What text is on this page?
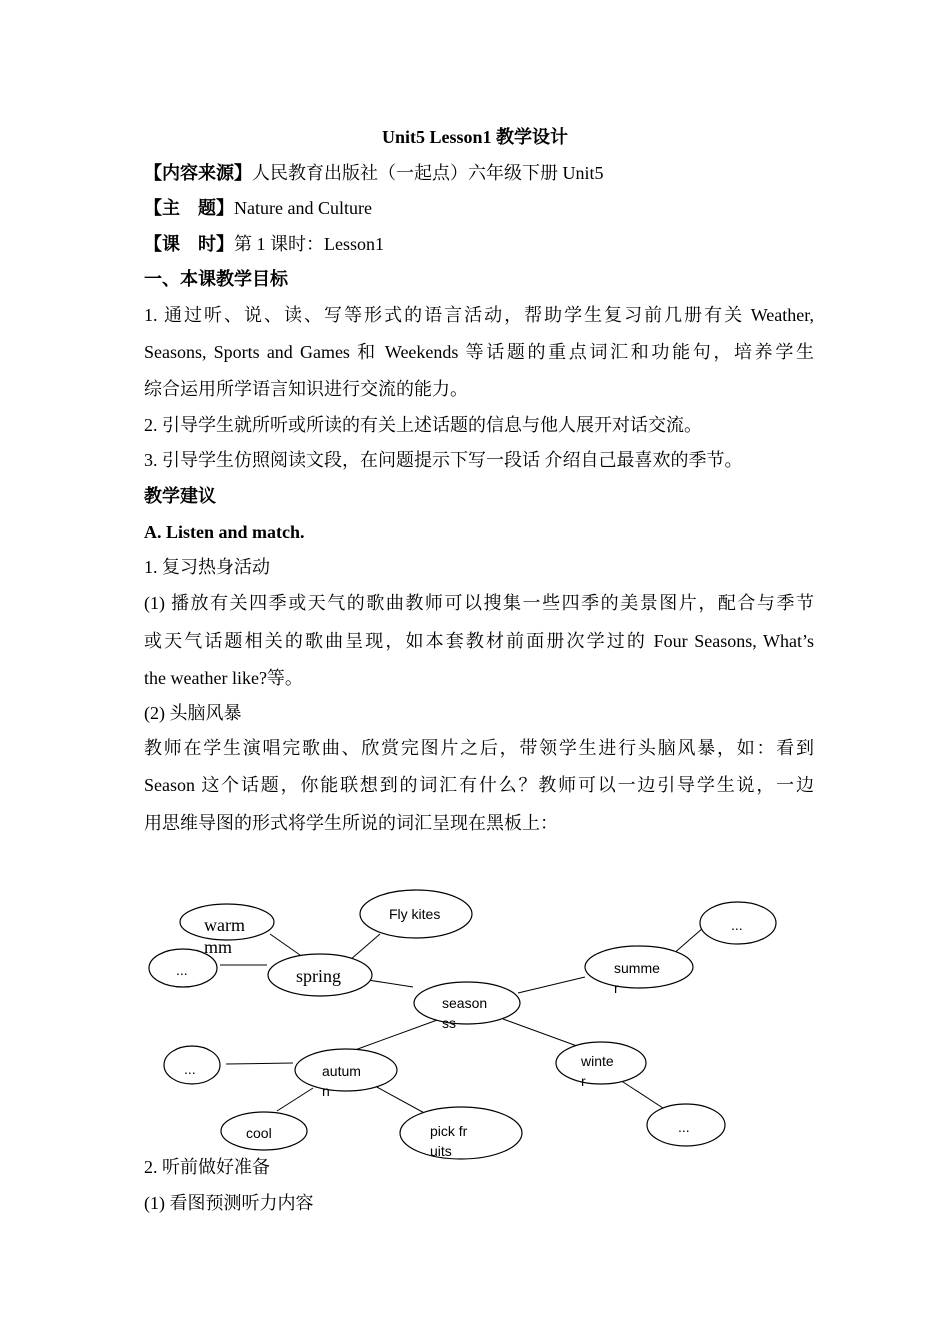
Unit5 Lesson1 教学设计
【内容来源】人民教育出版社（一起点）六年级下册 Unit5
【主　题】Nature and Culture
【课　时】第 1 课时：Lesson1
一、本课教学目标
1. 通过听、说、读、写等形式的语言活动，帮助学生复习前几册有关 Weather,
Seasons, Sports and Games 和 Weekends 等话题的重点词汇和功能句，培养学生
综合运用所学语言知识进行交流的能力。
2. 引导学生就所听或所读的有关上述话题的信息与他人展开对话交流。
3. 引导学生仿照阅读文段，在问题提示下写一段话 介绍自己最喜欢的季节。
教学建议
A. Listen and match.
1. 复习热身活动
(1) 播放有关四季或天气的歌曲教师可以搜集一些四季的美景图片，配合与季节
或天气话题相关的歌曲呈现，如本套教材前面册次学过的 Four Seasons, What’s
the weather like?等。
(2) 头脑风暴
教师在学生演唱完歌曲、欣赏完图片之后，带领学生进行头脑风暴，如：看到
Season 这个话题，你能联想到的词汇有什么？教师可以一边引导学生说，一边
用思维导图的形式将学生所说的词汇呈现在黑板上：
warm mm
Fly kites
...	spring
season ss
summe r
...
...	autum n
winte r
cool	pick fruits
...
2. 听前做好准备
(1) 看图预测听力内容
